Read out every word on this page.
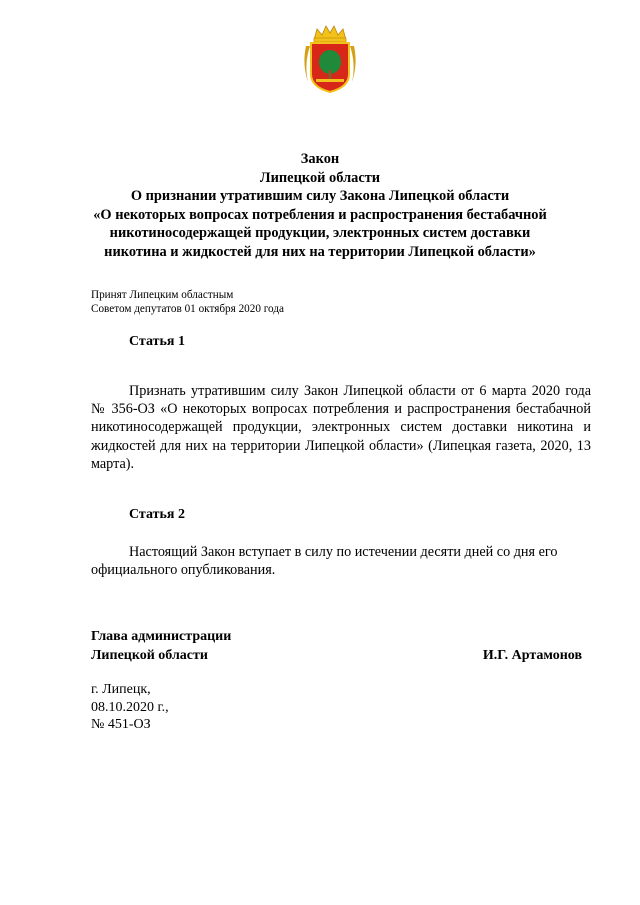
Закон
Липецкой области
О признании утратившим силу Закона Липецкой области
«О некоторых вопросах потребления и распространения бестабачной
никотиносодержащей продукции, электронных систем доставки
никотина и жидкостей для них на территории Липецкой области»
Принят Липецким областным
Советом депутатов 01 октября 2020 года
Статья 1
Признать утратившим силу Закон Липецкой области от 6 марта 2020 года № 356-ОЗ «О некоторых вопросах потребления и распространения бестабачной никотиносодержащей продукции, электронных систем доставки никотина и жидкостей для них на территории Липецкой области» (Липецкая газета, 2020, 13 марта).
Статья 2
Настоящий Закон вступает в силу по истечении десяти дней со дня его официального опубликования.
Глава администрации
Липецкой области	И.Г. Артамонов
г. Липецк,
08.10.2020 г.,
№ 451-ОЗ
